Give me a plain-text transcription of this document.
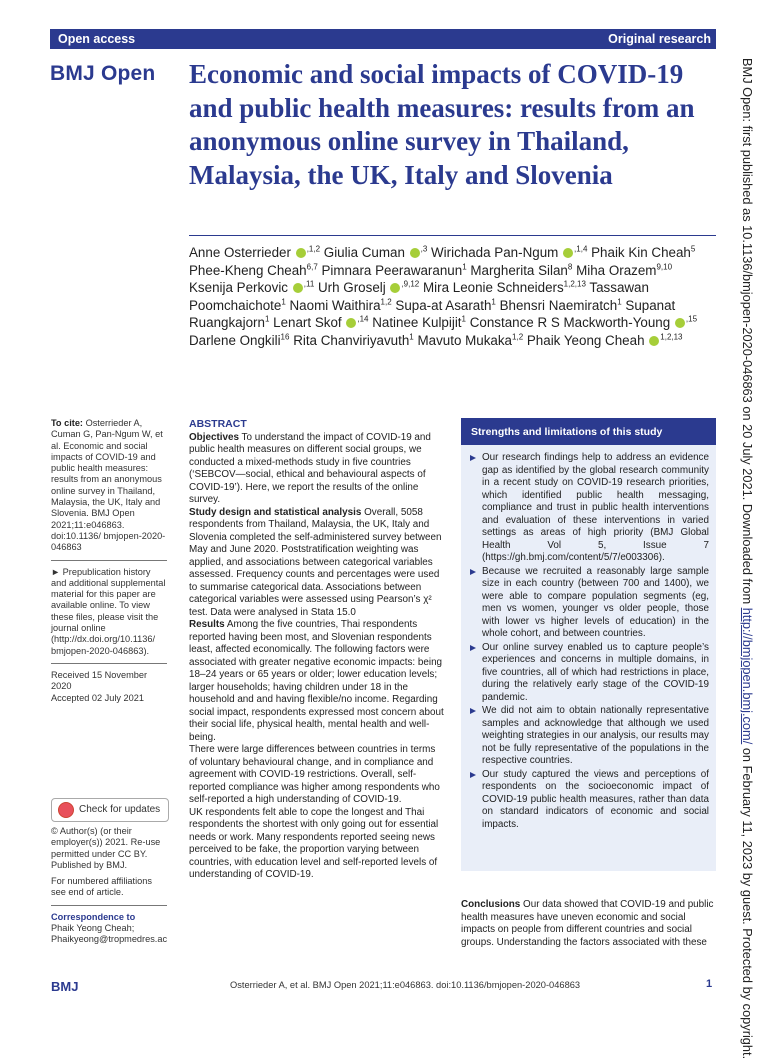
Open access	Original research
BMJ Open Economic and social impacts of COVID-19 and public health measures: results from an anonymous online survey in Thailand, Malaysia, the UK, Italy and Slovenia
Anne Osterrieder $^{,1,2}$ Giulia Cuman $^{,3}$ Wirichada Pan-Ngum $^{,1,4}$ Phaik Kin Cheah$^5$ Phee-Kheng Cheah$^{6,7}$ Pimnara Peerawaranun$^1$ Margherita Silan$^8$ Miha Orazem$^{9,10}$ Ksenija Perkovic $^{,11}$ Urh Groselj $^{,9,12}$ Mira Leonie Schneiders$^{1,2,13}$ Tassawan Poomchaichote$^1$ Naomi Waithira$^{1,2}$ Supa-at Asarath$^1$ Bhensri Naemiratch$^1$ Supanat Ruangkajorn$^1$ Lenart Skof $^{,14}$ Natinee Kulpijit$^1$ Constance R S Mackworth-Young $^{,15}$ Darlene Ongkili$^{16}$ Rita Chanviriyavuth$^1$ Mavuto Mukaka$^{1,2}$ Phaik Yeong Cheah $^{1,2,13}$

To cite: Osterrieder A, Cuman G, Pan-Ngum W, et al. Economic and social impacts of COVID-19 and public health measures: results from an anonymous online survey in Thailand, Malaysia, the UK, Italy and Slovenia. BMJ Open 2021;11:e046863. doi:10.1136/ bmjopen-2020-046863

► Prepublication history and additional supplemental material for this paper are available online. To view these files, please visit the journal online (http://dx.doi.org/10.1136/ bmjopen-2020-046863).

Received 15 November 2020

Accepted 02 July 2021

Check for updates

© Author(s) (or their employer(s)) 2021. Re-use permitted under CC BY. Published by BMJ.

For numbered affiliations see end of article.

Correspondence to

Phaik Yeong Cheah;

Phaikyeong@tropmedres.ac

ABSTRACT

Objectives To understand the impact of COVID-19 and public health measures on different social groups, we conducted a mixed-methods study in five countries (‘SEBCOV—social, ethical and behavioural aspects of COVID-19’). Here, we report the results of the online survey.

Study design and statistical analysis Overall, 5058 respondents from Thailand, Malaysia, the UK, Italy and Slovenia completed the self-administered survey between May and June 2020. Poststratification weighting was applied, and associations between categorical variables assessed. Frequency counts and percentages were used to summarise categorical data. Associations between categorical variables were assessed using Pearson’s χ² test. Data were analysed in Stata 15.0

Results Among the five countries, Thai respondents reported having been most, and Slovenian respondents least, affected economically. The following factors were associated with greater negative economic impacts: being 18–24 years or 65 years or older; lower education levels; larger households; having children under 18 in the household and and having flexible/no income. Regarding social impact, respondents expressed most concern about their social life, physical health, mental health and well-being.

There were large differences between countries in terms of voluntary behavioural change, and in compliance and agreement with COVID-19 restrictions. Overall, self-reported compliance was higher among respondents who self-reported a high understanding of COVID-19.

UK respondents felt able to cope the longest and Thai respondents the shortest with only going out for essential needs or work. Many respondents reported seeing news perceived to be fake, the proportion varying between countries, with education level and self-reported levels of understanding of COVID-19.

Strengths and limitations of this study
Our research findings help to address an evidence gap as identified by the global research community in a recent study on COVID-19 research priorities, which identified public health messaging, compliance and trust in public health interventions and evaluation of these interventions in varied settings as areas of high priority (BMJ Global Health Vol 5, Issue 7 (https://gh.bmj.com/content/5/7/e003306).
Because we recruited a reasonably large sample size in each country (between 700 and 1400), we were able to compare population segments (eg, men vs women, younger vs older people, those with lower vs higher levels of education) in the whole cohort, and between countries.
Our online survey enabled us to capture people’s experiences and concerns in multiple domains, in five countries, all of which had restrictions in place, during the relatively early stage of the COVID-19 pandemic.
We did not aim to obtain nationally representative samples and acknowledge that although we used weighting strategies in our analysis, our results may not be fully representative of the populations in the respective countries.
Our study captured the views and perceptions of respondents on the socioeconomic impact of COVID-19 public health measures, rather than data on standard indicators of economic and social impacts.
Conclusions Our data showed that COVID-19 and public health measures have uneven economic and social impacts on people from different countries and social groups. Understanding the factors associated with these
BMJ	Osterrieder A, et al. BMJ Open 2021;11:e046863. doi:10.1136/bmjopen-2020-046863	1
BMJ Open: first published as 10.1136/bmjopen-2020-046863 on 20 July 2021. Downloaded from http://bmjopen.bmj.com/ on February 11, 2023 by guest. Protected by copyright.
